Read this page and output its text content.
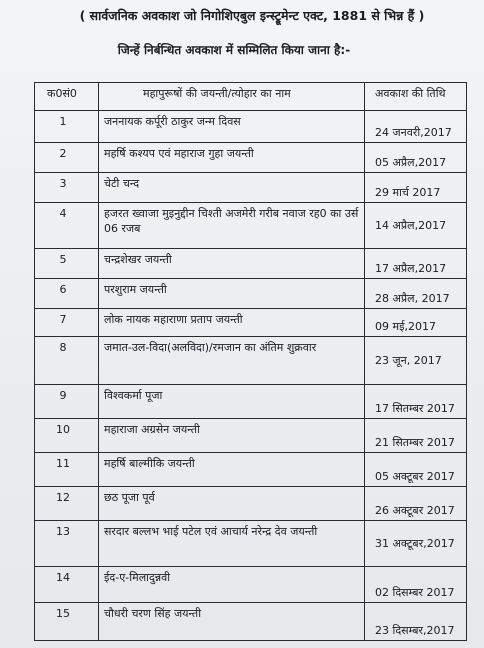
( सार्वजनिक अवकाश जो निगोशिएबुल इन्स्ट्रूमेन्ट एक्ट, 1881 से भिन्न हैं )
जिन्हें निर्बन्धित अवकाश में सम्मिलित किया जाना है:-
क0सं0	महापुरूषों की जयन्ती/त्योहार का नाम	अवकाश की तिथि
1	जननायक कर्पूरी ठाकुर जन्म दिवस	24 जनवरी,2017
2	महर्षि कश्यप एवं महाराज गुहा जयन्ती	05 अप्रैल,2017
3	चेटी चन्द	29 मार्च 2017
4	हजरत ख्वाजा मुइनुद्दीन चिश्ती अजमेरी गरीब नवाज रह0 का उर्स 06 रजब	14 अप्रैल,2017
5	चन्द्रशेखर जयन्ती	17 अप्रैल,2017
6	परशुराम जयन्ती	28 अप्रैल, 2017
7	लोक नायक महाराणा प्रताप जयन्ती	09 मई,2017
8	जमात-उल-विदा(अलविदा)/रमजान का अंतिम शुक्रवार	23 जून, 2017
9	विश्वकर्मा पूजा	17 सितम्बर 2017
10	महाराजा अग्रसेन जयन्ती	21 सितम्बर 2017
11	महर्षि बाल्मीकि जयन्ती	05 अक्टूबर 2017
12	छठ पूजा पूर्व	26 अक्टूबर 2017
13	सरदार बल्लभ भाई पटेल एवं आचार्य नरेन्द्र देव जयन्ती	31 अक्टूबर,2017
14	ईद-ए-मिलादुन्नवी	02 दिसम्बर 2017
15	चौधरी चरण सिंह जयन्ती	23 दिसम्बर,2017
